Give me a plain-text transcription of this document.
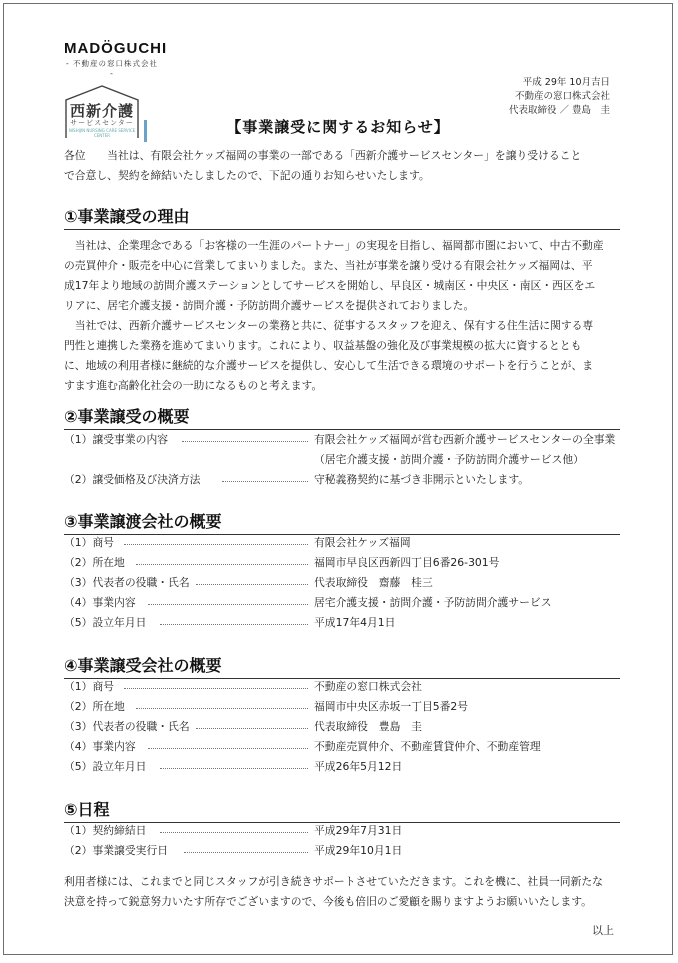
MADÖGUCHI
- 不動産の窓口株式会社 -
西新介護
サービスセンター
NISHIJIN NURSING CARE SERVICE CENTER
平成 29年 10月吉日
不動産の窓口株式会社
代表取締役 ／ 豊島　圭
【事業譲受に関するお知らせ】
各位　　当社は、有限会社ケッズ福岡の事業の一部である「西新介護サービスセンター」を譲り受けること
で合意し、契約を締結いたしましたので、下記の通りお知らせいたします。
①事業譲受の理由
　当社は、企業理念である「お客様の一生涯のパートナー」の実現を目指し、福岡都市圏において、中古不動産
の売買仲介・販売を中心に営業してまいりました。また、当社が事業を譲り受ける有限会社ケッズ福岡は、平
成17年より地域の訪問介護ステーションとしてサービスを開始し、早良区・城南区・中央区・南区・西区をエ
リアに、居宅介護支援・訪問介護・予防訪問介護サービスを提供されておりました。
　当社では、西新介護サービスセンターの業務と共に、従事するスタッフを迎え、保有する住生活に関する専
門性と連携した業務を進めてまいります。これにより、収益基盤の強化及び事業規模の拡大に資するととも
に、地域の利用者様に継続的な介護サービスを提供し、安心して生活できる環境のサポートを行うことが、ま
すます進む高齢化社会の一助になるものと考えます。
②事業譲受の概要
（1）譲受事業の内容	有限会社ケッズ福岡が営む西新介護サービスセンターの全事業
（居宅介護支援・訪問介護・予防訪問介護サービス他）
（2）譲受価格及び決済方法	守秘義務契約に基づき非開示といたします。
③事業譲渡会社の概要
（1）商号	有限会社ケッズ福岡
（2）所在地	福岡市早良区西新四丁目6番26-301号
（3）代表者の役職・氏名	代表取締役　齋藤　桂三
（4）事業内容	居宅介護支援・訪問介護・予防訪問介護サービス
（5）設立年月日	平成17年4月1日
④事業譲受会社の概要
（1）商号	不動産の窓口株式会社
（2）所在地	福岡市中央区赤坂一丁目5番2号
（3）代表者の役職・氏名	代表取締役　豊島　圭
（4）事業内容	不動産売買仲介、不動産賃貸仲介、不動産管理
（5）設立年月日	平成26年5月12日
⑤日程
（1）契約締結日	平成29年7月31日
（2）事業譲受実行日	平成29年10月1日
利用者様には、これまでと同じスタッフが引き続きサポートさせていただきます。これを機に、社員一同新たな
決意を持って鋭意努力いたす所存でございますので、今後も倍旧のご愛顧を賜りますようお願いいたします。
以上
